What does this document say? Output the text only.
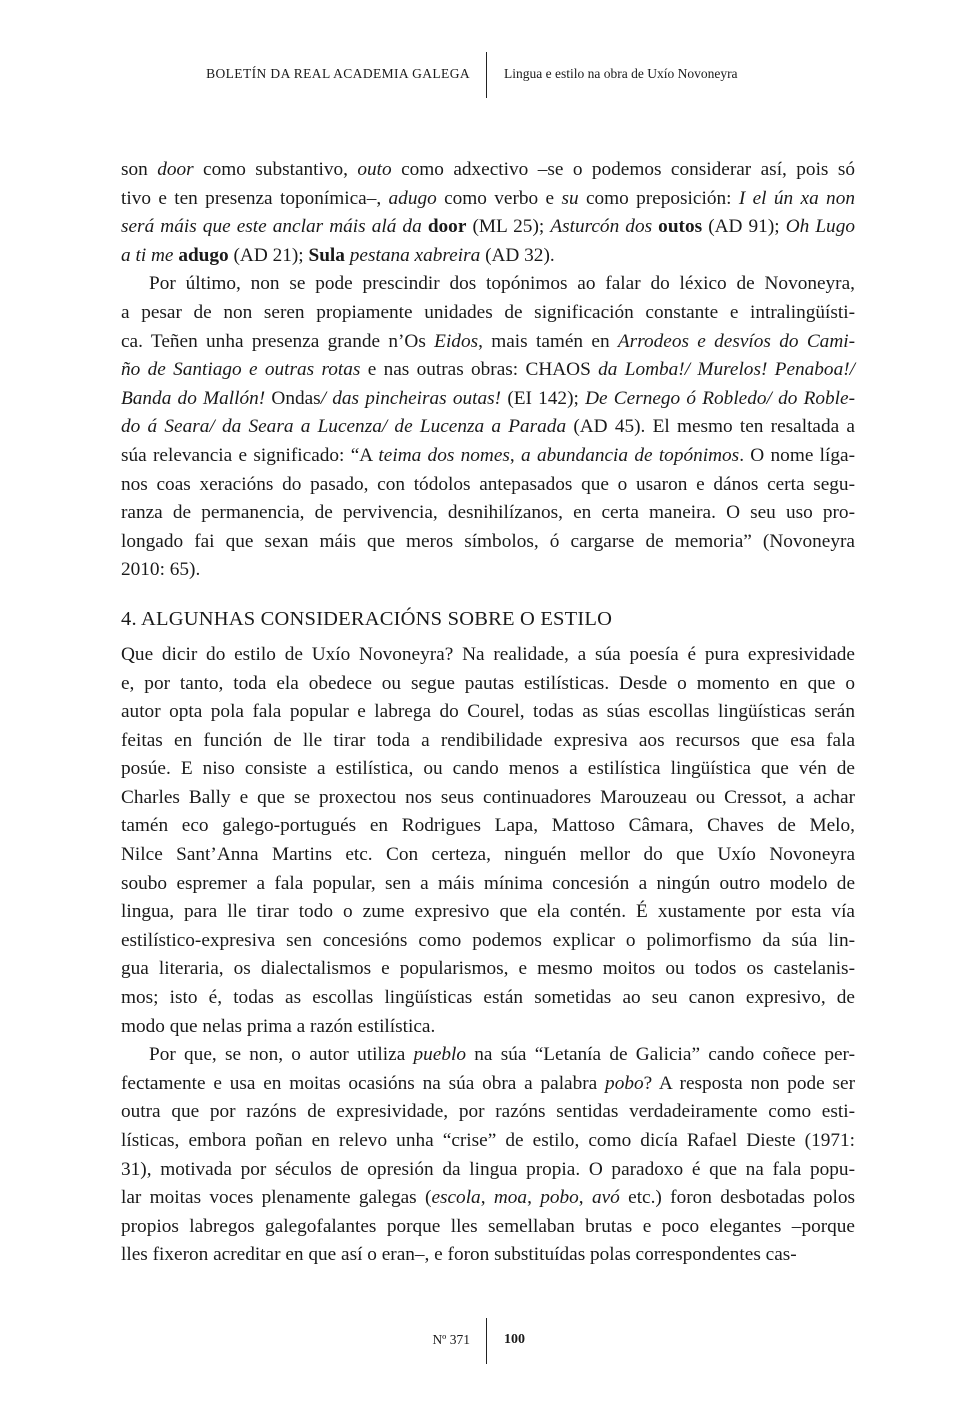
BOLETÍN DA REAL ACADEMIA GALEGA	Lingua e estilo na obra de Uxío Novoneyra
son door como substantivo, outo como adxectivo –se o podemos considerar así, pois só
tivo e ten presenza toponímica–, adugo como verbo e su como preposición: I el ún xa non
será máis que este anclar máis alá da door (ML 25); Asturcón dos outos (AD 91); Oh Lugo
a ti me adugo (AD 21); Sula pestana xabreira (AD 32).
Por último, non se pode prescindir dos topónimos ao falar do léxico de Novoneyra,
a pesar de non seren propiamente unidades de significación constante e intralingüísti-
ca. Teñen unha presenza grande n’Os Eidos, mais tamén en Arrodeos e desvíos do Cami-
ño de Santiago e outras rotas e nas outras obras: CHAOS da Lomba!/ Murelos! Penaboa!/
Banda do Mallón! Ondas/ das pincheiras outas! (EI 142); De Cernego ó Robledo/ do Roble-
do á Seara/ da Seara a Lucenza/ de Lucenza a Parada (AD 45). El mesmo ten resaltada a
súa relevancia e significado: “A teima dos nomes, a abundancia de topónimos. O nome líga-
nos coas xeracións do pasado, con tódolos antepasados que o usaron e dános certa segu-
ranza de permanencia, de pervivencia, desnihilízanos, en certa maneira. O seu uso pro-
longado fai que sexan máis que meros símbolos, ó cargarse de memoria” (Novoneyra
2010: 65).
4. ALGUNHAS CONSIDERACIÓNS SOBRE O ESTILO
Que dicir do estilo de Uxío Novoneyra? Na realidade, a súa poesía é pura expresividade
e, por tanto, toda ela obedece ou segue pautas estilísticas. Desde o momento en que o
autor opta pola fala popular e labrega do Courel, todas as súas escollas lingüísticas serán
feitas en función de lle tirar toda a rendibilidade expresiva aos recursos que esa fala
posúe. E niso consiste a estilística, ou cando menos a estilística lingüística que vén de
Charles Bally e que se proxectou nos seus continuadores Marouzeau ou Cressot, a achar
tamén eco galego-portugués en Rodrigues Lapa, Mattoso Câmara, Chaves de Melo,
Nilce Sant’Anna Martins etc. Con certeza, ninguén mellor do que Uxío Novoneyra
soubo espremer a fala popular, sen a máis mínima concesión a ningún outro modelo de
lingua, para lle tirar todo o zume expresivo que ela contén. É xustamente por esta vía
estilístico-expresiva sen concesións como podemos explicar o polimorfismo da súa lin-
gua literaria, os dialectalismos e popularismos, e mesmo moitos ou todos os castelanis-
mos; isto é, todas as escollas lingüísticas están sometidas ao seu canon expresivo, de
modo que nelas prima a razón estilística.
Por que, se non, o autor utiliza pueblo na súa “Letanía de Galicia” cando coñece per-
fectamente e usa en moitas ocasións na súa obra a palabra pobo? A resposta non pode ser
outra que por razóns de expresividade, por razóns sentidas verdadeiramente como esti-
lísticas, embora poñan en relevo unha “crise” de estilo, como dicía Rafael Dieste (1971:
31), motivada por séculos de opresión da lingua propia. O paradoxo é que na fala popu-
lar moitas voces plenamente galegas (escola, moa, pobo, avó etc.) foron desbotadas polos
propios labregos galegofalantes porque lles semellaban brutas e poco elegantes –porque
lles fixeron acreditar en que así o eran–, e foron substituídas polas correspondentes cas-
Nº 371 100
